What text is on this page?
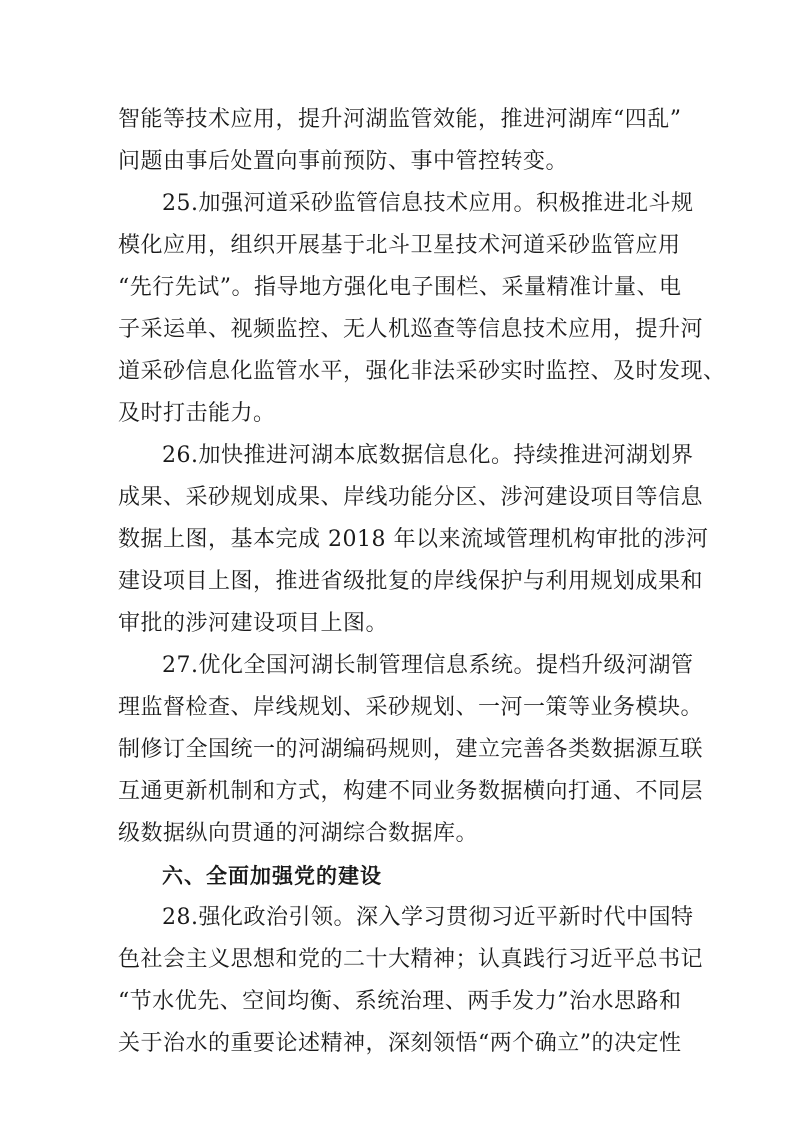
智能等技术应用，提升河湖监管效能，推进河湖库“四乱”
问题由事后处置向事前预防、事中管控转变。
25.加强河道采砂监管信息技术应用。积极推进北斗规
模化应用，组织开展基于北斗卫星技术河道采砂监管应用
“先行先试”。指导地方强化电子围栏、采量精准计量、电
子采运单、视频监控、无人机巡查等信息技术应用，提升河
道采砂信息化监管水平，强化非法采砂实时监控、及时发现、
及时打击能力。
26.加快推进河湖本底数据信息化。持续推进河湖划界
成果、采砂规划成果、岸线功能分区、涉河建设项目等信息
数据上图，基本完成 2018 年以来流域管理机构审批的涉河
建设项目上图，推进省级批复的岸线保护与利用规划成果和
审批的涉河建设项目上图。
27.优化全国河湖长制管理信息系统。提档升级河湖管
理监督检查、岸线规划、采砂规划、一河一策等业务模块。
制修订全国统一的河湖编码规则，建立完善各类数据源互联
互通更新机制和方式，构建不同业务数据横向打通、不同层
级数据纵向贯通的河湖综合数据库。
六、全面加强党的建设
28.强化政治引领。深入学习贯彻习近平新时代中国特
色社会主义思想和党的二十大精神；认真践行习近平总书记
“节水优先、空间均衡、系统治理、两手发力”治水思路和
关于治水的重要论述精神，深刻领悟“两个确立”的决定性
